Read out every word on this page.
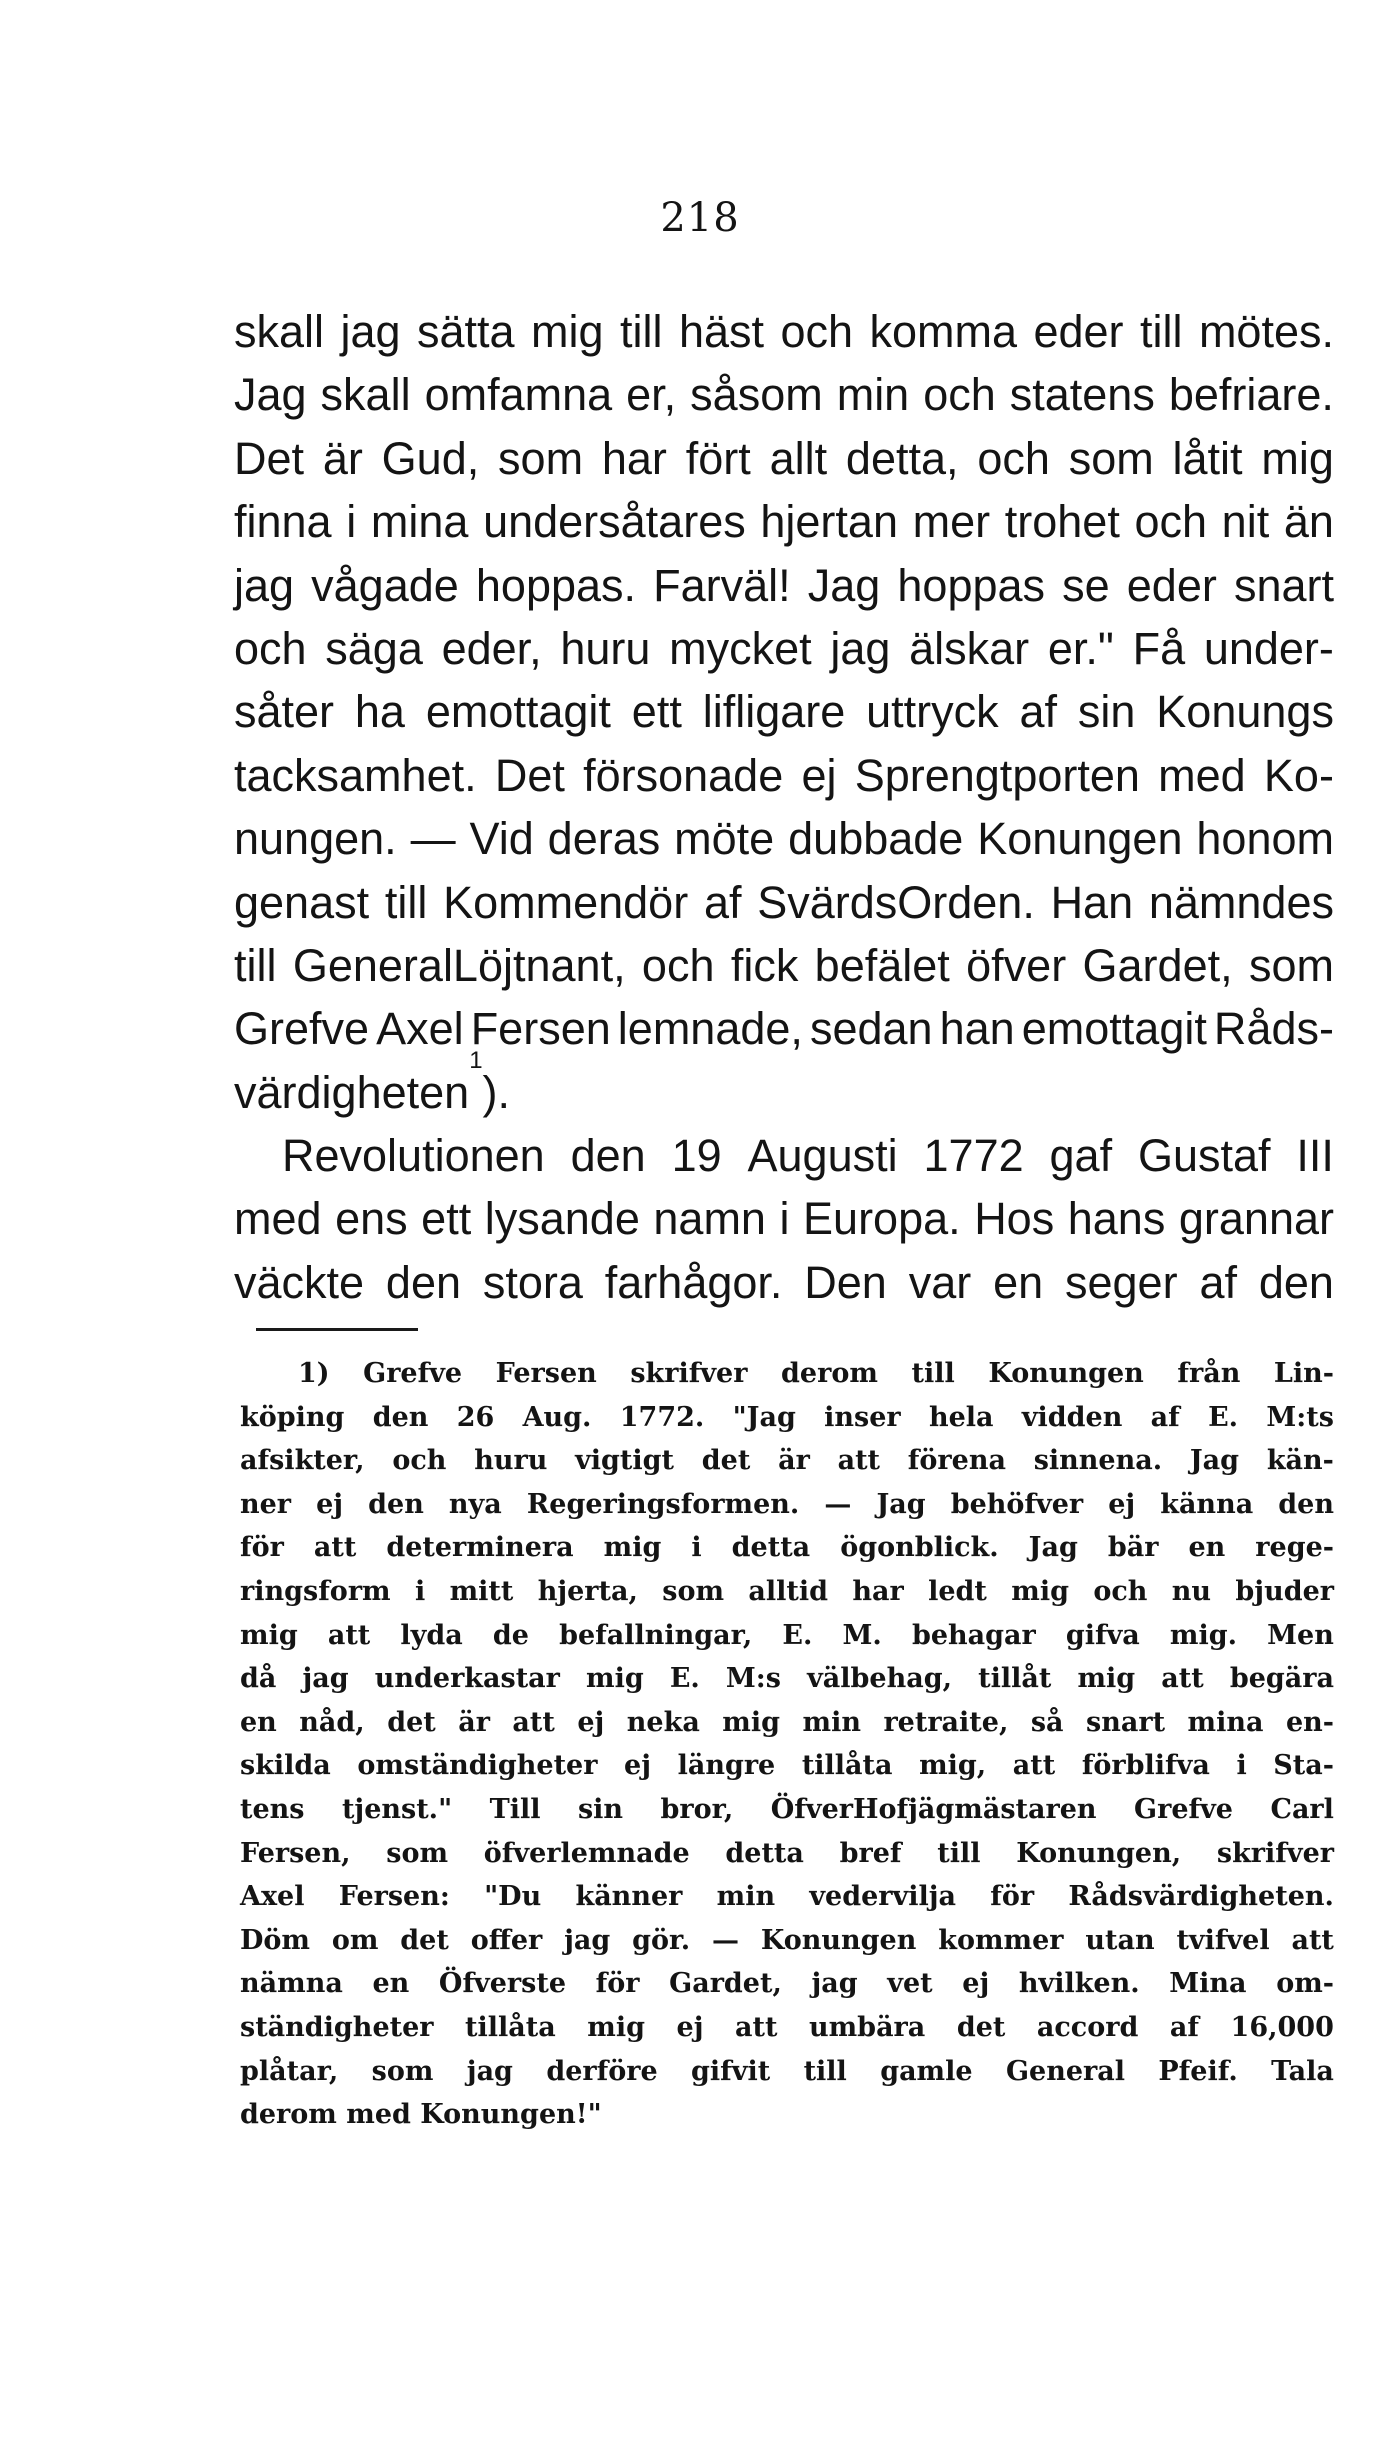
218
skall jag sätta mig till häst och komma eder till mötes.
Jag skall omfamna er, såsom min och statens befriare.
Det är Gud, som har fört allt detta, och som låtit mig
finna i mina undersåtares hjertan mer trohet och nit än
jag vågade hoppas. Farväl! Jag hoppas se eder snart
och säga eder, huru mycket jag älskar er." Få under-
såter ha emottagit ett lifligare uttryck af sin Konungs
tacksamhet. Det försonade ej Sprengtporten med Ko-
nungen. — Vid deras möte dubbade Konungen honom
genast till Kommendör af SvärdsOrden. Han nämndes
till GeneralLöjtnant, och fick befälet öfver Gardet, som
Grefve Axel Fersen lemnade, sedan han emottagit Råds-
värdigheten
1
).
Revolutionen den 19 Augusti 1772 gaf Gustaf III
med ens ett lysande namn i Europa. Hos hans grannar
väckte den stora farhågor. Den var en seger af den
1) Grefve Fersen skrifver derom till Konungen från Lin-
köping den 26 Aug. 1772. "Jag inser hela vidden af E. M:ts
afsikter, och huru vigtigt det är att förena sinnena. Jag kän-
ner ej den nya Regeringsformen. — Jag behöfver ej känna den
för att determinera mig i detta ögonblick. Jag bär en rege-
ringsform i mitt hjerta, som alltid har ledt mig och nu bjuder
mig att lyda de befallningar, E. M. behagar gifva mig. Men
då jag underkastar mig E. M:s välbehag, tillåt mig att begära
en nåd, det är att ej neka mig min retraite, så snart mina en-
skilda omständigheter ej längre tillåta mig, att förblifva i Sta-
tens tjenst." Till sin bror, ÖfverHofjägmästaren Grefve Carl
Fersen, som öfverlemnade detta bref till Konungen, skrifver
Axel Fersen: "Du känner min vedervilja för Rådsvärdigheten.
Döm om det offer jag gör. — Konungen kommer utan tvifvel att
nämna en Öfverste för Gardet, jag vet ej hvilken. Mina om-
ständigheter tillåta mig ej att umbära det accord af 16,000
plåtar, som jag derföre gifvit till gamle General Pfeif. Tala
derom med Konungen!"
